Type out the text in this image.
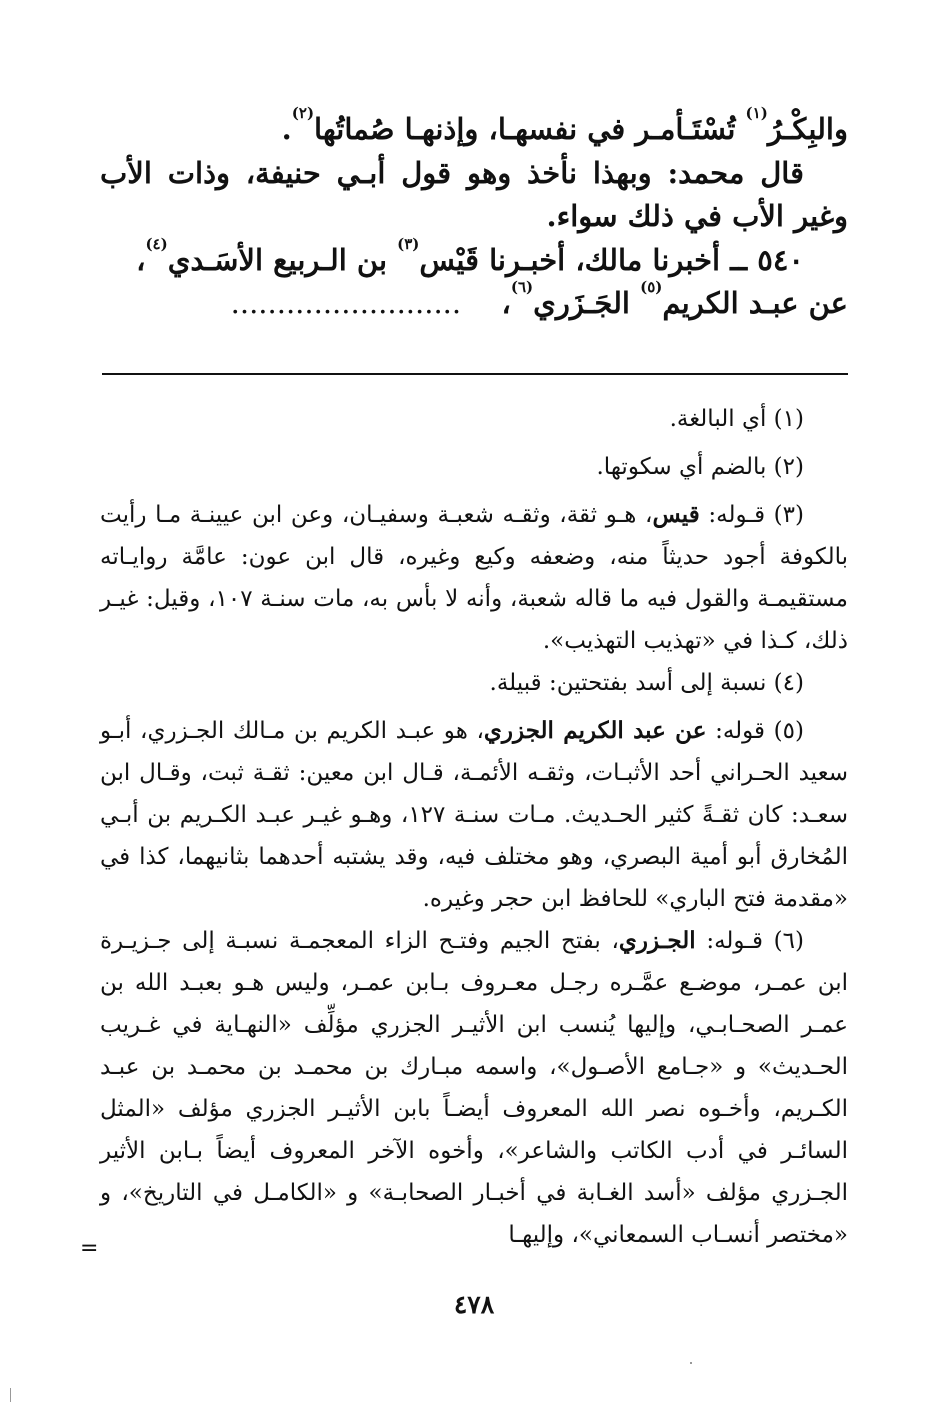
والبِكْـرُ$^{(١)}$ تُسْتَـأمـر في نفسهـا، وإذنهـا صُماتُها$^{(٢)}$.

قال محمد: وبهذا نأخذ وهو قول أبـي حنيفة، وذات الأب وغير الأب في ذلك سواء.

٥٤٠ ــ أخبرنا مالك، أخبـرنا قَيْس$^{(٣)}$ بن الـربيع الأسَـدي$^{(٤)}$،

عن عبـد الكريم$^{(٥)}$ الجَـزَري$^{(٦)}$،    .........................

(١) أي البالغة.

(٢) بالضم أي سكوتها.

(٣) قـوله: قيس، هـو ثقة، وثقـه شعبـة وسفيـان، وعن ابن عيينـة مـا رأيت بالكوفة أجود حديثاً منه، وضعفه وكيع وغيره، قال ابن عون: عامَّة روايـاته مستقيمـة والقول فيه ما قاله شعبة، وأنه لا بأس به، مات سنـة ١٠٧، وقيل: غيـر ذلك، كـذا في «تهذيب التهذيب».

(٤) نسبة إلى أسد بفتحتين: قبيلة.

(٥) قوله: عن عبد الكريم الجزري، هو عبـد الكريم بن مـالك الجـزري، أبـو سعيد الحـراني أحد الأثبـات، وثقـه الأئمـة، قـال ابن معين: ثقـة ثبت، وقـال ابن سعـد: كان ثقـةً كثير الحـديث. مـات سنـة ١٢٧، وهـو غيـر عبـد الكـريم بن أبـي المُخارق أبو أمية البصري، وهو مختلف فيه، وقد يشتبه أحدهما بثانيهما، كذا في «مقدمة فتح الباري» للحافظ ابن حجر وغيره.

(٦) قـوله: الجـزري، بفتح الجيم وفتـح الزاء المعجمـة نسبـة إلى جـزيـرة ابن عمـر، موضـع عمَّـره رجـل معـروف بـابن عمـر، وليس هـو بعبـد الله بن عمـر الصحـابـي، وإليها يُنسب ابن الأثيـر الجزري مؤلِّف «النهـاية في غـريب الحـديث» و «جـامع الأصـول»، واسمه مبـارك بن محمـد بن محمـد بن عبـد الكـريم، وأخـوه نصر الله المعروف أيضـاً بابن الأثيـر الجزري مؤلف «المثل السائـر في أدب الكاتب والشاعر»، وأخوه الآخر المعروف أيضاً بـابن الأثير الجـزري مؤلف «أسد الغـابة في أخبـار الصحابـة» و «الكامـل في التاريخ»، و «مختصر أنسـاب السمعاني»، وإليهـا

=
٤٧٨
